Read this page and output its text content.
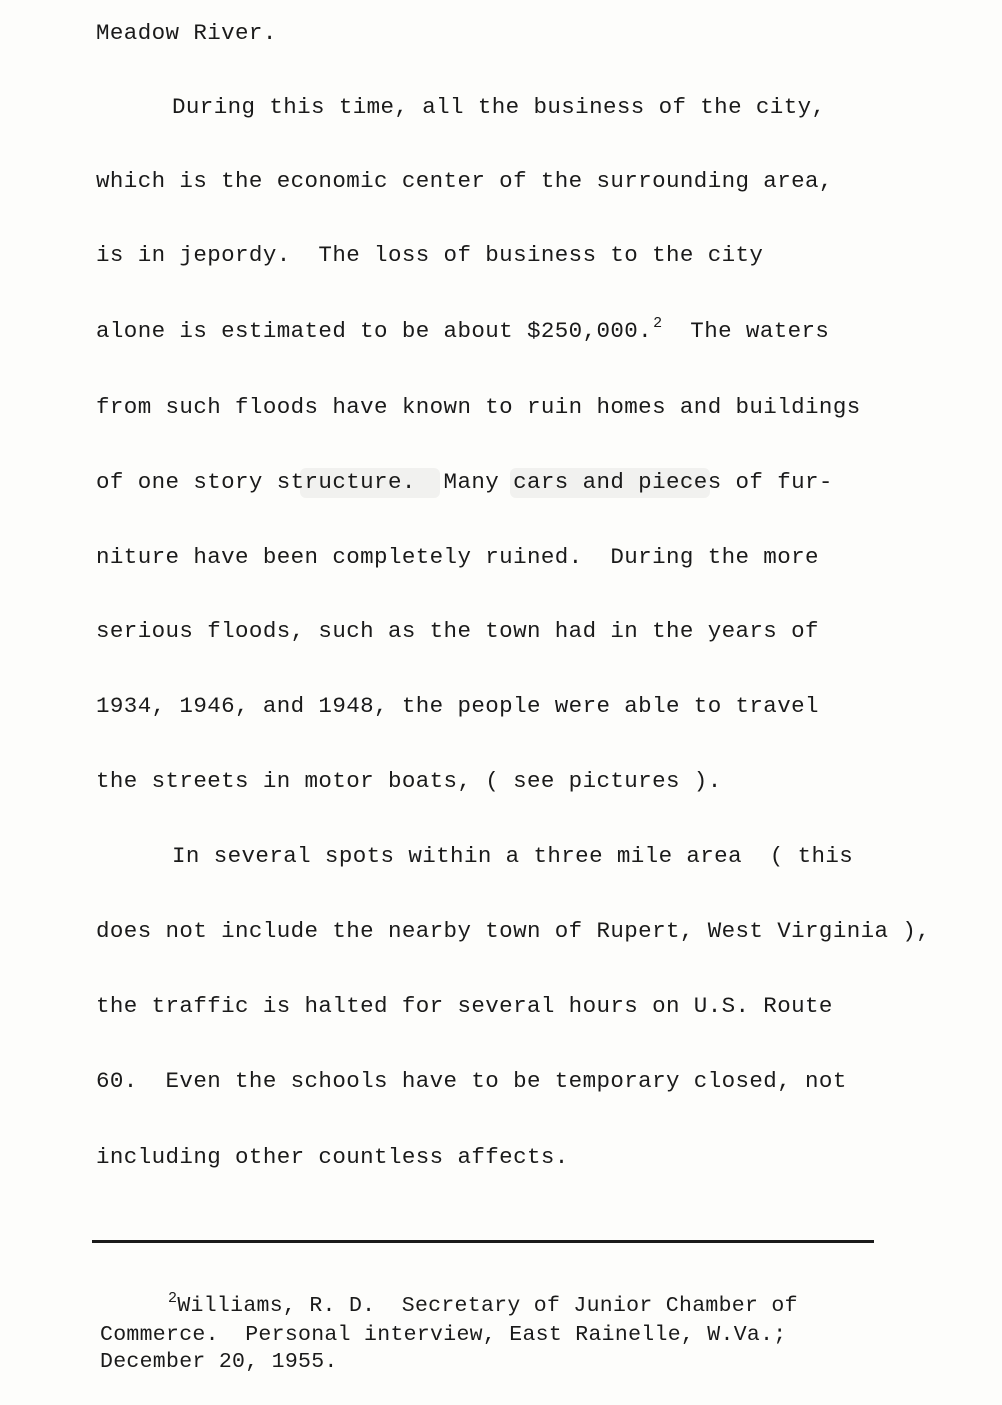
Meadow River.
During this time, all the business of the city,
which is the economic center of the surrounding area,
is in jepordy.  The loss of business to the city
alone is estimated to be about $250,000.$^2$  The waters
from such floods have known to ruin homes and buildings
of one story structure.  Many cars and pieces of fur-
niture have been completely ruined.  During the more
serious floods, such as the town had in the years of
1934, 1946, and 1948, the people were able to travel
the streets in motor boats, ( see pictures ).
In several spots within a three mile area  ( this
does not include the nearby town of Rupert, West Virginia ),
the traffic is halted for several hours on U.S. Route
60.  Even the schools have to be temporary closed, not
including other countless affects.
$^2$Williams, R. D.  Secretary of Junior Chamber of
Commerce.  Personal interview, East Rainelle, W.Va.;
December 20, 1955.
